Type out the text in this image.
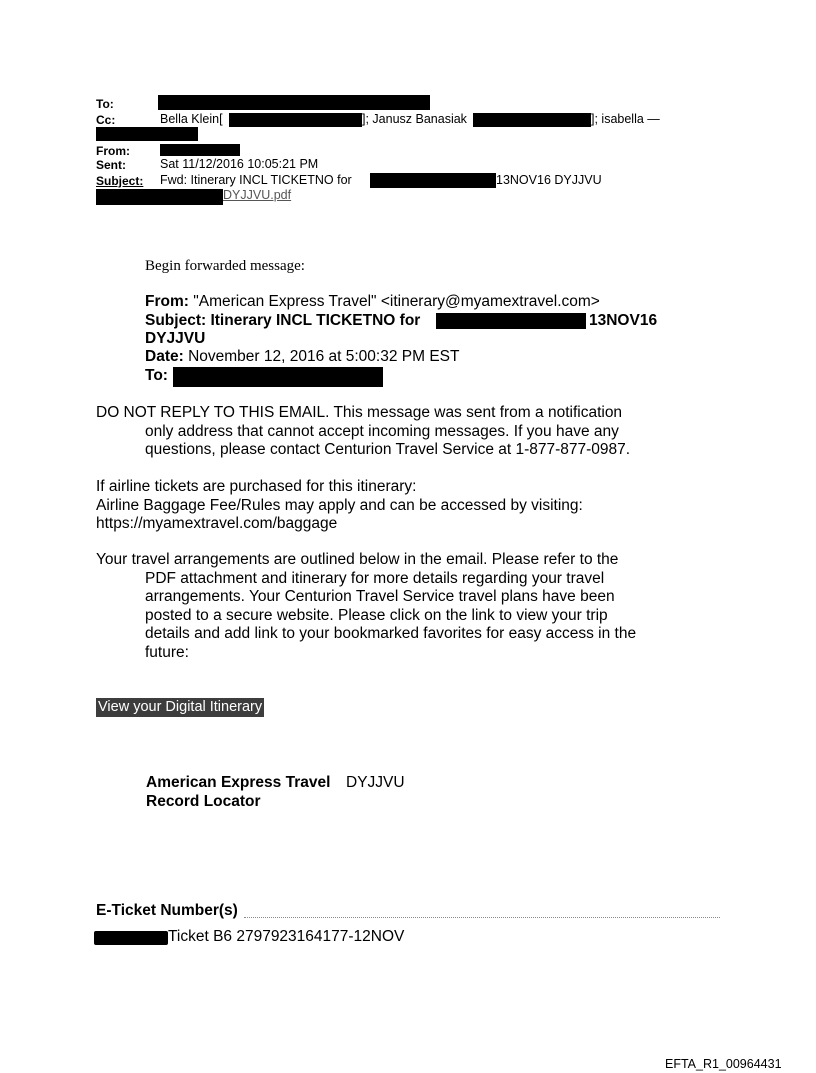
To:
Cc:	Bella Klein[	]; Janusz Banasiak	]; isabella —
From:
Sent:	Sat 11/12/2016 10:05:21 PM
Subject: Fwd: Itinerary INCL TICKETNO for	13NOV16 DYJJVU
DYJJVU.pdf
Begin forwarded message:
From: "American Express Travel" <itinerary@myamextravel.com>
Subject: Itinerary INCL TICKETNO for	13NOV16
DYJJVU
Date: November 12, 2016 at 5:00:32 PM EST
To:
DO NOT REPLY TO THIS EMAIL. This message was sent from a notification
only address that cannot accept incoming messages. If you have any
questions, please contact Centurion Travel Service at 1-877-877-0987.
If airline tickets are purchased for this itinerary:
Airline Baggage Fee/Rules may apply and can be accessed by visiting:
https://myamextravel.com/baggage
Your travel arrangements are outlined below in the email. Please refer to the
PDF attachment and itinerary for more details regarding your travel
arrangements. Your Centurion Travel Service travel plans have been
posted to a secure website. Please click on the link to view your trip
details and add link to your bookmarked favorites for easy access in the
future:
View your Digital Itinerary
American Express Travel DYJJVU
Record Locator
E-Ticket Number(s)
Ticket B6 2797923164177-12NOV
EFTA_R1_00964431
